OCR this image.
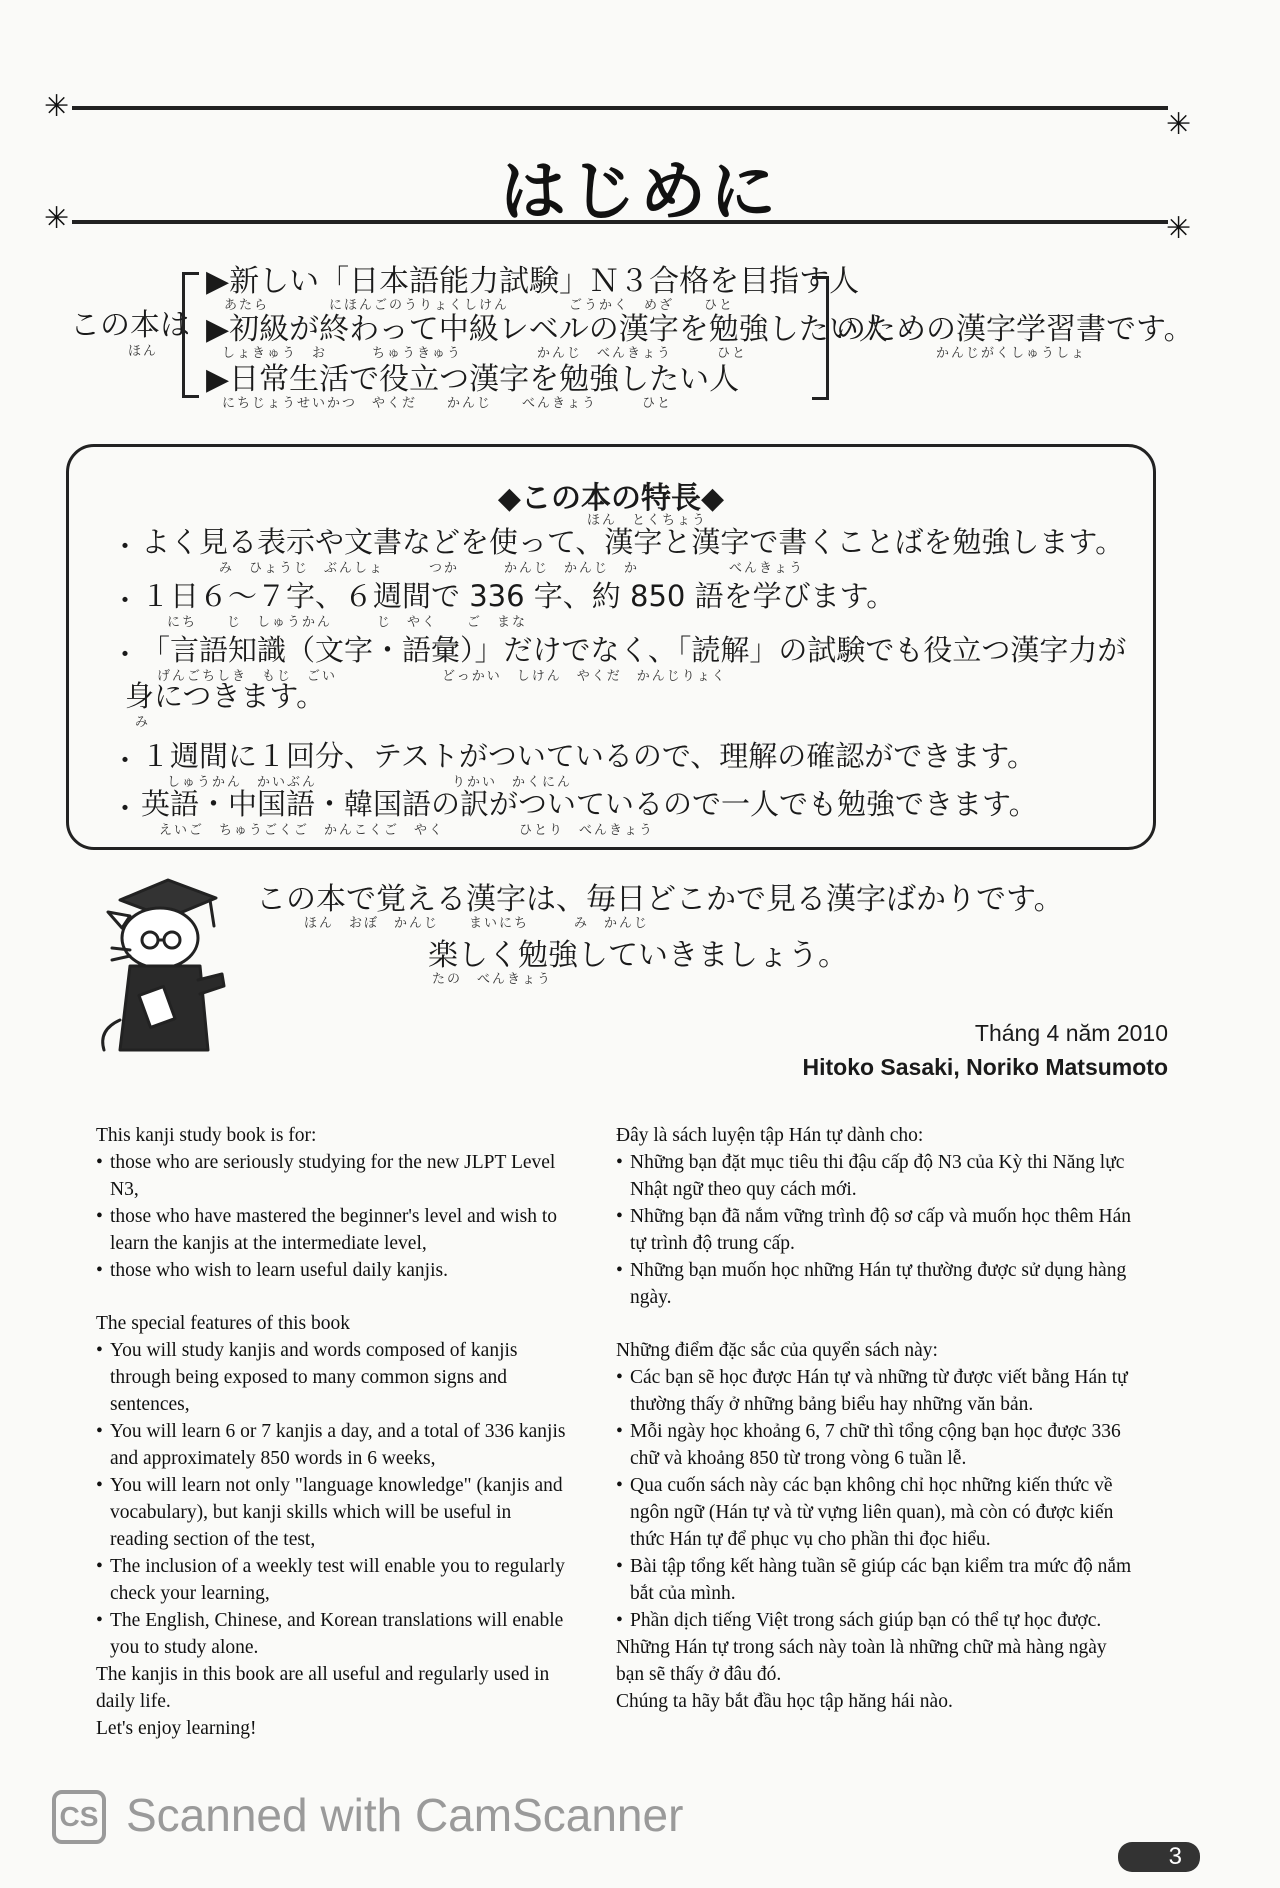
✳
✳
はじめに
✳	✳
この本は
ほん
▶新しい「日本語能力試験」Ｎ３合格を目指す人
あたら　　　　にほんごのうりょくしけん　　　　ごうかく　めざ　　ひと
▶初級が終わって中級レベルの漢字を勉強したい人
しょきゅう　お　　　ちゅうきゅう　　　　　かんじ　べんきょう　　　ひと
▶日常生活で役立つ漢字を勉強したい人
にちじょうせいかつ　やくだ　　かんじ　　べんきょう　　　ひと
のための漢字学習書です。
かんじがくしゅうしょ
◆この本の特長◆
ほん　とくちょう
・ よく見る表示や文書などを使って、漢字と漢字で書くことばを勉強します。
み　ひょうじ　ぶんしょ　　　つか　　　かんじ　かんじ　か　　　　　　べんきょう
・ １日６～７字、６週間で 336 字、約 850 語を学びます。
にち　　じ　しゅうかん　　　じ　やく　　ご　まな
・ 「言語知識（文字・語彙）」だけでなく、「読解」の試験でも役立つ漢字力が
げんごちしき　もじ　ごい　　　　　　　どっかい　しけん　やくだ　かんじりょく
身につきます。
み
・ １週間に１回分、テストがついているので、理解の確認ができます。
しゅうかん　かいぶん　　　　　　　　　りかい　かくにん
・ 英語・中国語・韓国語の訳がついているので一人でも勉強できます。
えいご　ちゅうごくご　かんこくご　やく　　　　　ひとり　べんきょう
この本で覚える漢字は、毎日どこかで見る漢字ばかりです。
ほん　おぼ　かんじ　　まいにち　　　み　かんじ
楽しく勉強していきましょう。
たの　べんきょう
Tháng 4 năm 2010
Hitoko Sasaki, Noriko Matsumoto

This kanji study book is for:

• those who are seriously studying for the new JLPT Level N3,
• those who have mastered the beginner's level and wish to learn the kanjis at the intermediate level,
• those who wish to learn useful daily kanjis.

The special features of this book

• You will study kanjis and words composed of kanjis through being exposed to many common signs and sentences,
• You will learn 6 or 7 kanjis a day, and a total of 336 kanjis and approximately 850 words in 6 weeks,
• You will learn not only "language knowledge" (kanjis and vocabulary), but kanji skills which will be useful in reading section of the test,
• The inclusion of a weekly test will enable you to regularly check your learning,
• The English, Chinese, and Korean translations will enable you to study alone.

The kanjis in this book are all useful and regularly used in daily life.

Let's enjoy learning!

Đây là sách luyện tập Hán tự dành cho:

• Những bạn đặt mục tiêu thi đậu cấp độ N3 của Kỳ thi Năng lực Nhật ngữ theo quy cách mới.
• Những bạn đã nắm vững trình độ sơ cấp và muốn học thêm Hán tự trình độ trung cấp.
• Những bạn muốn học những Hán tự thường được sử dụng hàng ngày.

Những điểm đặc sắc của quyển sách này:

• Các bạn sẽ học được Hán tự và những từ được viết bằng Hán tự thường thấy ở những bảng biểu hay những văn bản.
• Mỗi ngày học khoảng 6, 7 chữ thì tổng cộng bạn học được 336 chữ và khoảng 850 từ trong vòng 6 tuần lễ.
• Qua cuốn sách này các bạn không chỉ học những kiến thức về ngôn ngữ (Hán tự và từ vựng liên quan), mà còn có được kiến thức Hán tự để phục vụ cho phần thi đọc hiểu.
• Bài tập tổng kết hàng tuần sẽ giúp các bạn kiểm tra mức độ nắm bắt của mình.
• Phần dịch tiếng Việt trong sách giúp bạn có thể tự học được.

Những Hán tự trong sách này toàn là những chữ mà hàng ngày bạn sẽ thấy ở đâu đó.

Chúng ta hãy bắt đầu học tập hăng hái nào.

CS Scanned with CamScanner
3
